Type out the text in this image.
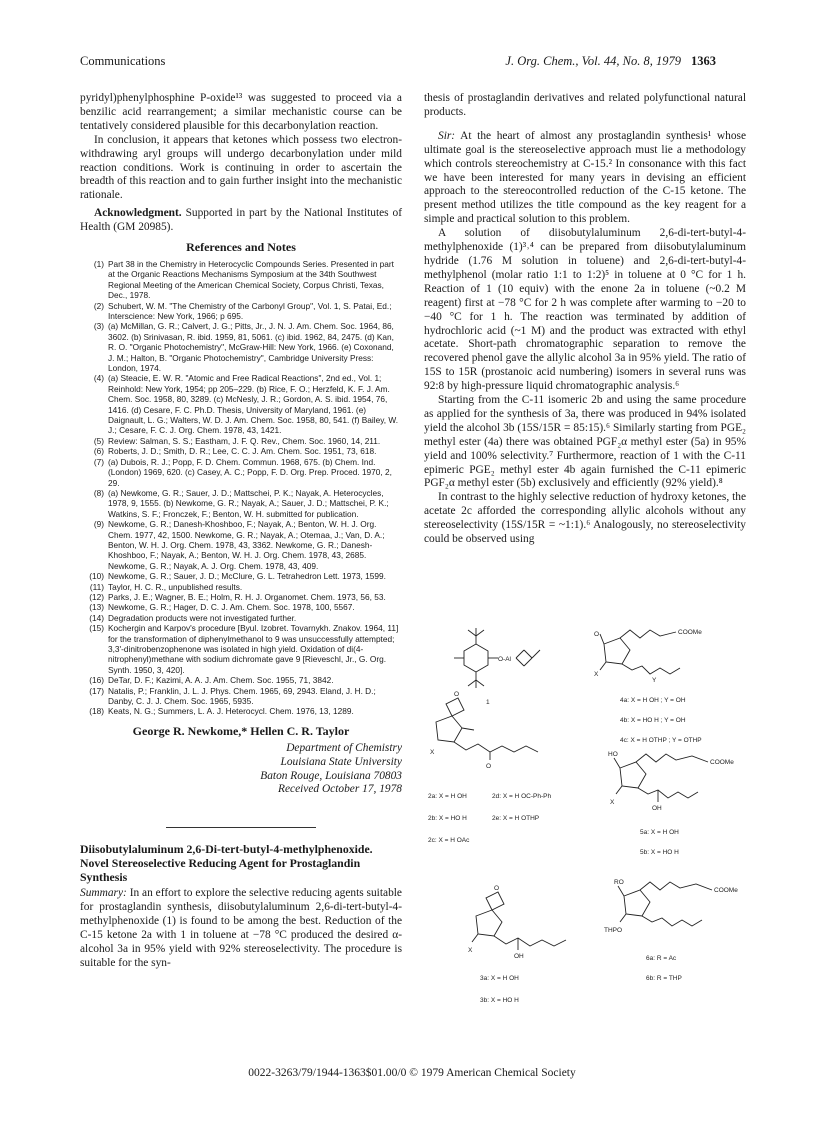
Communications	J. Org. Chem., Vol. 44, No. 8, 1979 1363

pyridyl)phenylphosphine P-oxide¹³ was suggested to proceed via a benzilic acid rearrangement; a similar mechanistic course can be tentatively considered plausible for this decarbonylation reaction.

In conclusion, it appears that ketones which possess two electron-withdrawing aryl groups will undergo decarbonylation under mild reaction conditions. Work is continuing in order to ascertain the breadth of this reaction and to gain further insight into the mechanistic rationale.

Acknowledgment. Supported in part by the National Institutes of Health (GM 20985).

References and Notes
(1) Part 38 in the Chemistry in Heterocyclic Compounds Series. Presented in part at the Organic Reactions Mechanisms Symposium at the 34th Southwest Regional Meeting of the American Chemical Society, Corpus Christi, Texas, Dec., 1978.
(2) Schubert, W. M. "The Chemistry of the Carbonyl Group", Vol. 1, S. Patai, Ed.; Interscience: New York, 1966; p 695.
(3) (a) McMillan, G. R.; Calvert, J. G.; Pitts, Jr., J. N. J. Am. Chem. Soc. 1964, 86, 3602. (b) Srinivasan, R. ibid. 1959, 81, 5061. (c) ibid. 1962, 84, 2475. (d) Kan, R. O. "Organic Photochemistry", McGraw-Hill: New York, 1966. (e) Coxonand, J. M.; Halton, B. "Organic Photochemistry", Cambridge University Press: London, 1974.
(4) (a) Steacie, E. W. R. "Atomic and Free Radical Reactions", 2nd ed., Vol. 1; Reinhold: New York, 1954; pp 205–229. (b) Rice, F. O.; Herzfeld, K. F. J. Am. Chem. Soc. 1958, 80, 3289. (c) McNesly, J. R.; Gordon, A. S. ibid. 1954, 76, 1416. (d) Cesare, F. C. Ph.D. Thesis, University of Maryland, 1961. (e) Daignault, L. G.; Walters, W. D. J. Am. Chem. Soc. 1958, 80, 541. (f) Bailey, W. J.; Cesare, F. C. J. Org. Chem. 1978, 43, 1421.
(5) Review: Salman, S. S.; Eastham, J. F. Q. Rev., Chem. Soc. 1960, 14, 211.
(6) Roberts, J. D.; Smith, D. R.; Lee, C. C. J. Am. Chem. Soc. 1951, 73, 618.
(7) (a) Dubois, R. J.; Popp, F. D. Chem. Commun. 1968, 675. (b) Chem. Ind. (London) 1969, 620. (c) Casey, A. C.; Popp, F. D. Org. Prep. Proced. 1970, 2, 29.
(8) (a) Newkome, G. R.; Sauer, J. D.; Mattschei, P. K.; Nayak, A. Heterocycles, 1978, 9, 1555. (b) Newkome, G. R.; Nayak, A.; Sauer, J. D.; Mattschei, P. K.; Watkins, S. F.; Fronczek, F.; Benton, W. H. submitted for publication.
(9) Newkome, G. R.; Danesh-Khoshboo, F.; Nayak, A.; Benton, W. H. J. Org. Chem. 1977, 42, 1500. Newkome, G. R.; Nayak, A.; Otemaa, J.; Van, D. A.; Benton, W. H. J. Org. Chem. 1978, 43, 3362. Newkome, G. R.; Danesh-Khoshboo, F.; Nayak, A.; Benton, W. H. J. Org. Chem. 1978, 43, 2685. Newkome, G. R.; Nayak, A. J. Org. Chem. 1978, 43, 409.
(10) Newkome, G. R.; Sauer, J. D.; McClure, G. L. Tetrahedron Lett. 1973, 1599.
(11) Taylor, H. C. R., unpublished results.
(12) Parks, J. E.; Wagner, B. E.; Holm, R. H. J. Organomet. Chem. 1973, 56, 53.
(13) Newkome, G. R.; Hager, D. C. J. Am. Chem. Soc. 1978, 100, 5567.
(14) Degradation products were not investigated further.
(15) Kochergin and Karpov's procedure [Byul. Izobret. Tovarnykh. Znakov. 1964, 11] for the transformation of diphenylmethanol to 9 was unsuccessfully attempted; 3,3'-dinitrobenzophenone was isolated in high yield. Oxidation of di(4-nitrophenyl)methane with sodium dichromate gave 9 [Rieveschl, Jr., G. Org. Synth. 1950, 3, 420].
(16) DeTar, D. F.; Kazimi, A. A. J. Am. Chem. Soc. 1955, 71, 3842.
(17) Natalis, P.; Franklin, J. L. J. Phys. Chem. 1965, 69, 2943. Eland, J. H. D.; Danby, C. J. J. Chem. Soc. 1965, 5935.
(18) Keats, N. G.; Summers, L. A. J. Heterocycl. Chem. 1976, 13, 1289.
George R. Newkome,* Hellen C. R. Taylor
Department of Chemistry
Louisiana State University
Baton Rouge, Louisiana 70803
Received October 17, 1978
Diisobutylaluminum 2,6-Di-tert-butyl-4-methylphenoxide. Novel Stereoselective Reducing Agent for Prostaglandin Synthesis

Summary: In an effort to explore the selective reducing agents suitable for prostaglandin synthesis, diisobutylaluminum 2,6-di-tert-butyl-4-methylphenoxide (1) is found to be among the best. Reduction of the C-15 ketone 2a with 1 in toluene at −78 °C produced the desired α-alcohol 3a in 95% yield with 92% stereoselectivity. The procedure is suitable for the syn-

thesis of prostaglandin derivatives and related polyfunctional natural products.

Sir: At the heart of almost any prostaglandin synthesis¹ whose ultimate goal is the stereoselective approach must lie a methodology which controls stereochemistry at C-15.² In consonance with this fact we have been interested for many years in devising an efficient approach to the stereocontrolled reduction of the C-15 ketone. The present method utilizes the title compound as the key reagent for a simple and practical solution to this problem.

A solution of diisobutylaluminum 2,6-di-tert-butyl-4-methylphenoxide (1)³˒⁴ can be prepared from diisobutylaluminum hydride (1.76 M solution in toluene) and 2,6-di-tert-butyl-4-methylphenol (molar ratio 1:1 to 1:2)⁵ in toluene at 0 °C for 1 h. Reaction of 1 (10 equiv) with the enone 2a in toluene (~0.2 M reagent) first at −78 °C for 2 h was complete after warming to −20 to −40 °C for 1 h. The reaction was terminated by addition of hydrochloric acid (~1 M) and the product was extracted with ethyl acetate. Short-path chromatographic separation to remove the recovered phenol gave the allylic alcohol 3a in 95% yield. The ratio of 15S to 15R (prostanoic acid numbering) isomers in several runs was 92:8 by high-pressure liquid chromatographic analysis.⁶

Starting from the C-11 isomeric 2b and using the same procedure as applied for the synthesis of 3a, there was produced in 94% isolated yield the alcohol 3b (15S/15R = 85:15).⁶ Similarly starting from PGE₂ methyl ester (4a) there was obtained PGF₂α methyl ester (5a) in 95% yield and 100% selectivity.⁷ Furthermore, reaction of 1 with the C-11 epimeric PGE₂ methyl ester 4b again furnished the C-11 epimeric PGF₂α methyl ester (5b) exclusively and efficiently (92% yield).⁸

In contrast to the highly selective reduction of hydroxy ketones, the acetate 2c afforded the corresponding allylic alcohols without any stereoselectivity (15S/15R = ~1:1).⁶ Analogously, no stereoselectivity could be observed using

O-Al
1
O	COOMe
X
Y
4a: X = H OH ; Y = OH
4b: X = HO H ; Y = OH
4c: X = H OTHP ; Y = OTHP
O
X
O
2a: X = H OH	2d: X = H OC-Ph-Ph
2b: X = HO H	2e: X = H OTHP
2c: X = H OAc
HO
COOMe
X
OH
5a: X = H OH
5b: X = HO H
O
X
OH
3a: X = H OH
3b: X = HO H
RO
COOMe
THPO
6a: R = Ac
6b: R = THP
0022-3263/79/1944-1363$01.00/0 © 1979 American Chemical Society
